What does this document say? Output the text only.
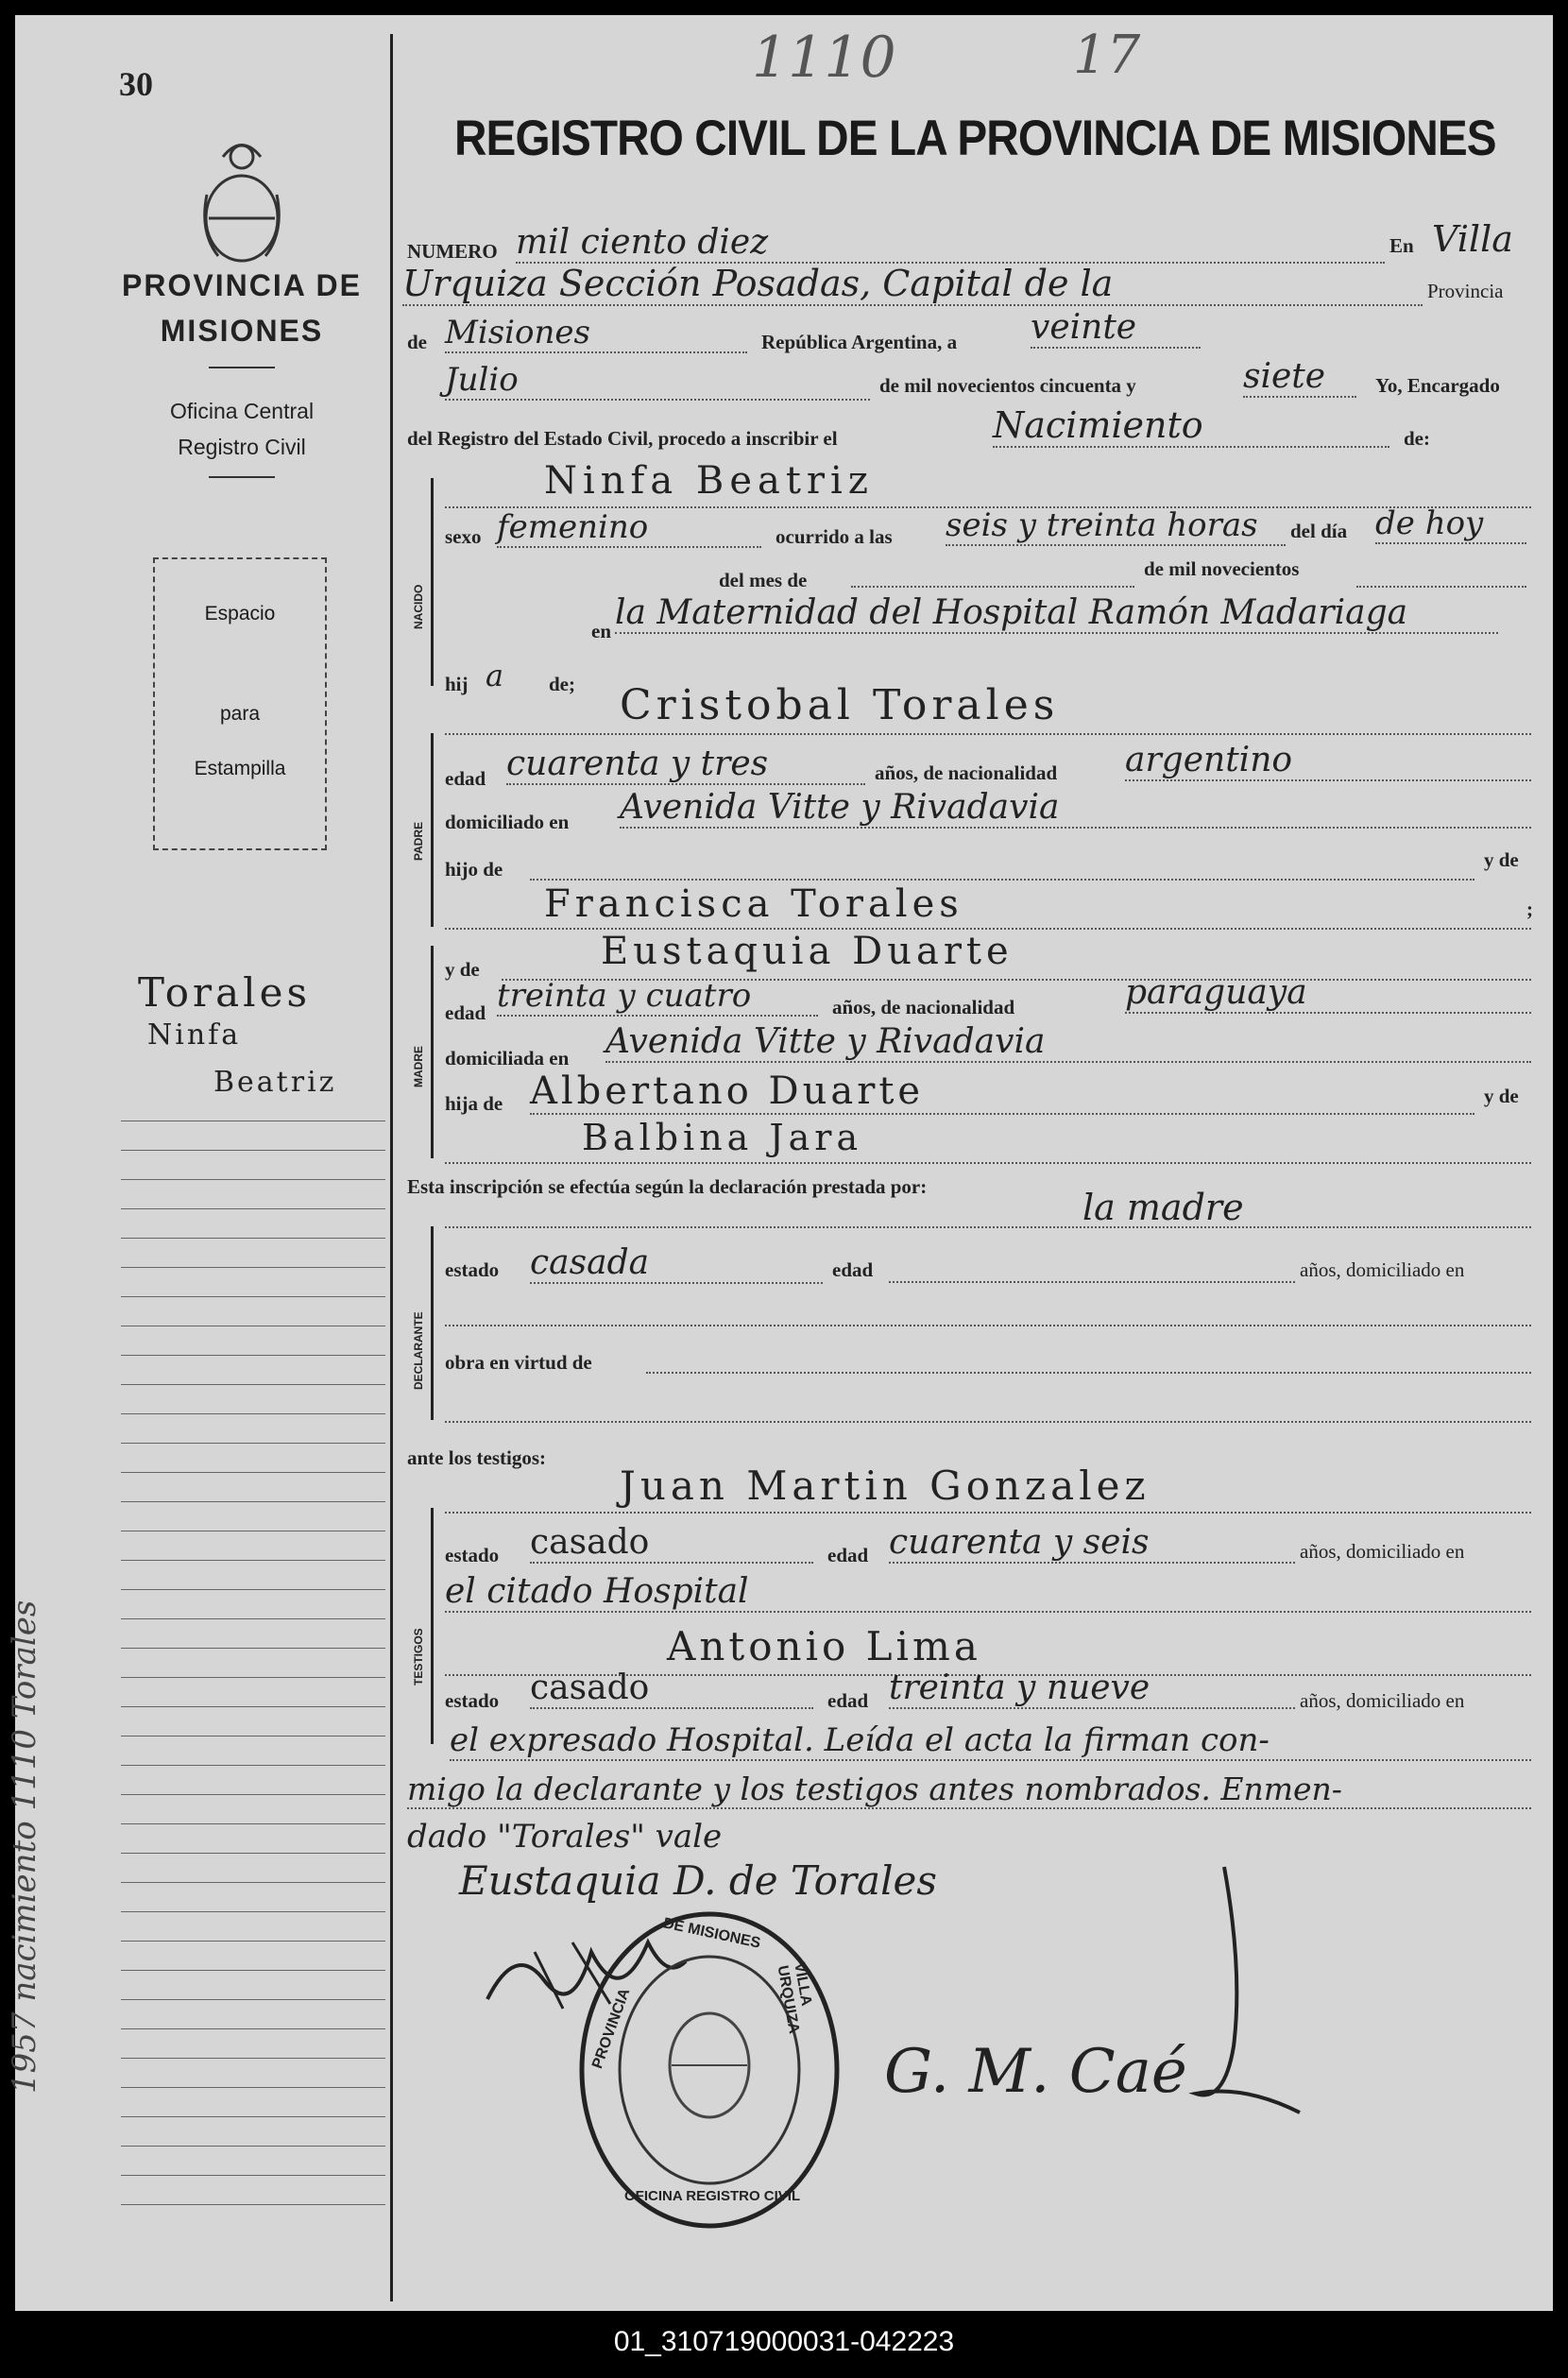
30	1110	17
PROVINCIA DE MISIONES
Oficina Central Registro Civil
Espacio
para
Estampilla
Torales
Ninfa
Beatriz
1957 nacimiento 1110 Torales
REGISTRO CIVIL DE LA PROVINCIA DE MISIONES
NUMERO mil ciento diez	En Villa
Urquiza Sección Posadas, Capital de la	Provincia
de Misiones	República Argentina, a veinte
Julio	de mil novecientos cincuenta y	siete	Yo, Encargado
del Registro del Estado Civil, procedo a inscribir el	Nacimiento	de:
NACIDO
Ninfa Beatriz
sexo femenino	ocurrido a las seis y treinta horas	del día de hoy
del mes de	de mil novecientos
en la Maternidad del Hospital Ramón Madariaga
hij a de;
PADRE
Cristobal Torales
edad cuarenta y tres	años, de nacionalidad argentino
domiciliado en Avenida Vitte y Rivadavia
hijo de	y de
Francisca Torales	;
MADRE
y de	Eustaquia Duarte
edad treinta y cuatro	años, de nacionalidad	paraguaya
domiciliada en Avenida Vitte y Rivadavia
hija de Albertano Duarte	y de
Balbina Jara
Esta inscripción se efectúa según la declaración prestada por:	la madre
DECLARANTE
estado casada	edad	años, domiciliado en
obra en virtud de
ante los testigos:
TESTIGOS
Juan Martin Gonzalez
estado casado	edad cuarenta y seis	años, domiciliado en
el citado Hospital
Antonio Lima
estado casado	edad treinta y nueve	años, domiciliado en
el expresado Hospital. Leída el acta la firman con-
migo la declarante y los testigos antes nombrados. Enmen-
dado "Torales" vale
Eustaquia D. de Torales
DE MISIONES
PROVINCIA
VILLA URQUIZA
OFICINA REGISTRO CIVIL
G. M. Caé
01_310719000031-042223
